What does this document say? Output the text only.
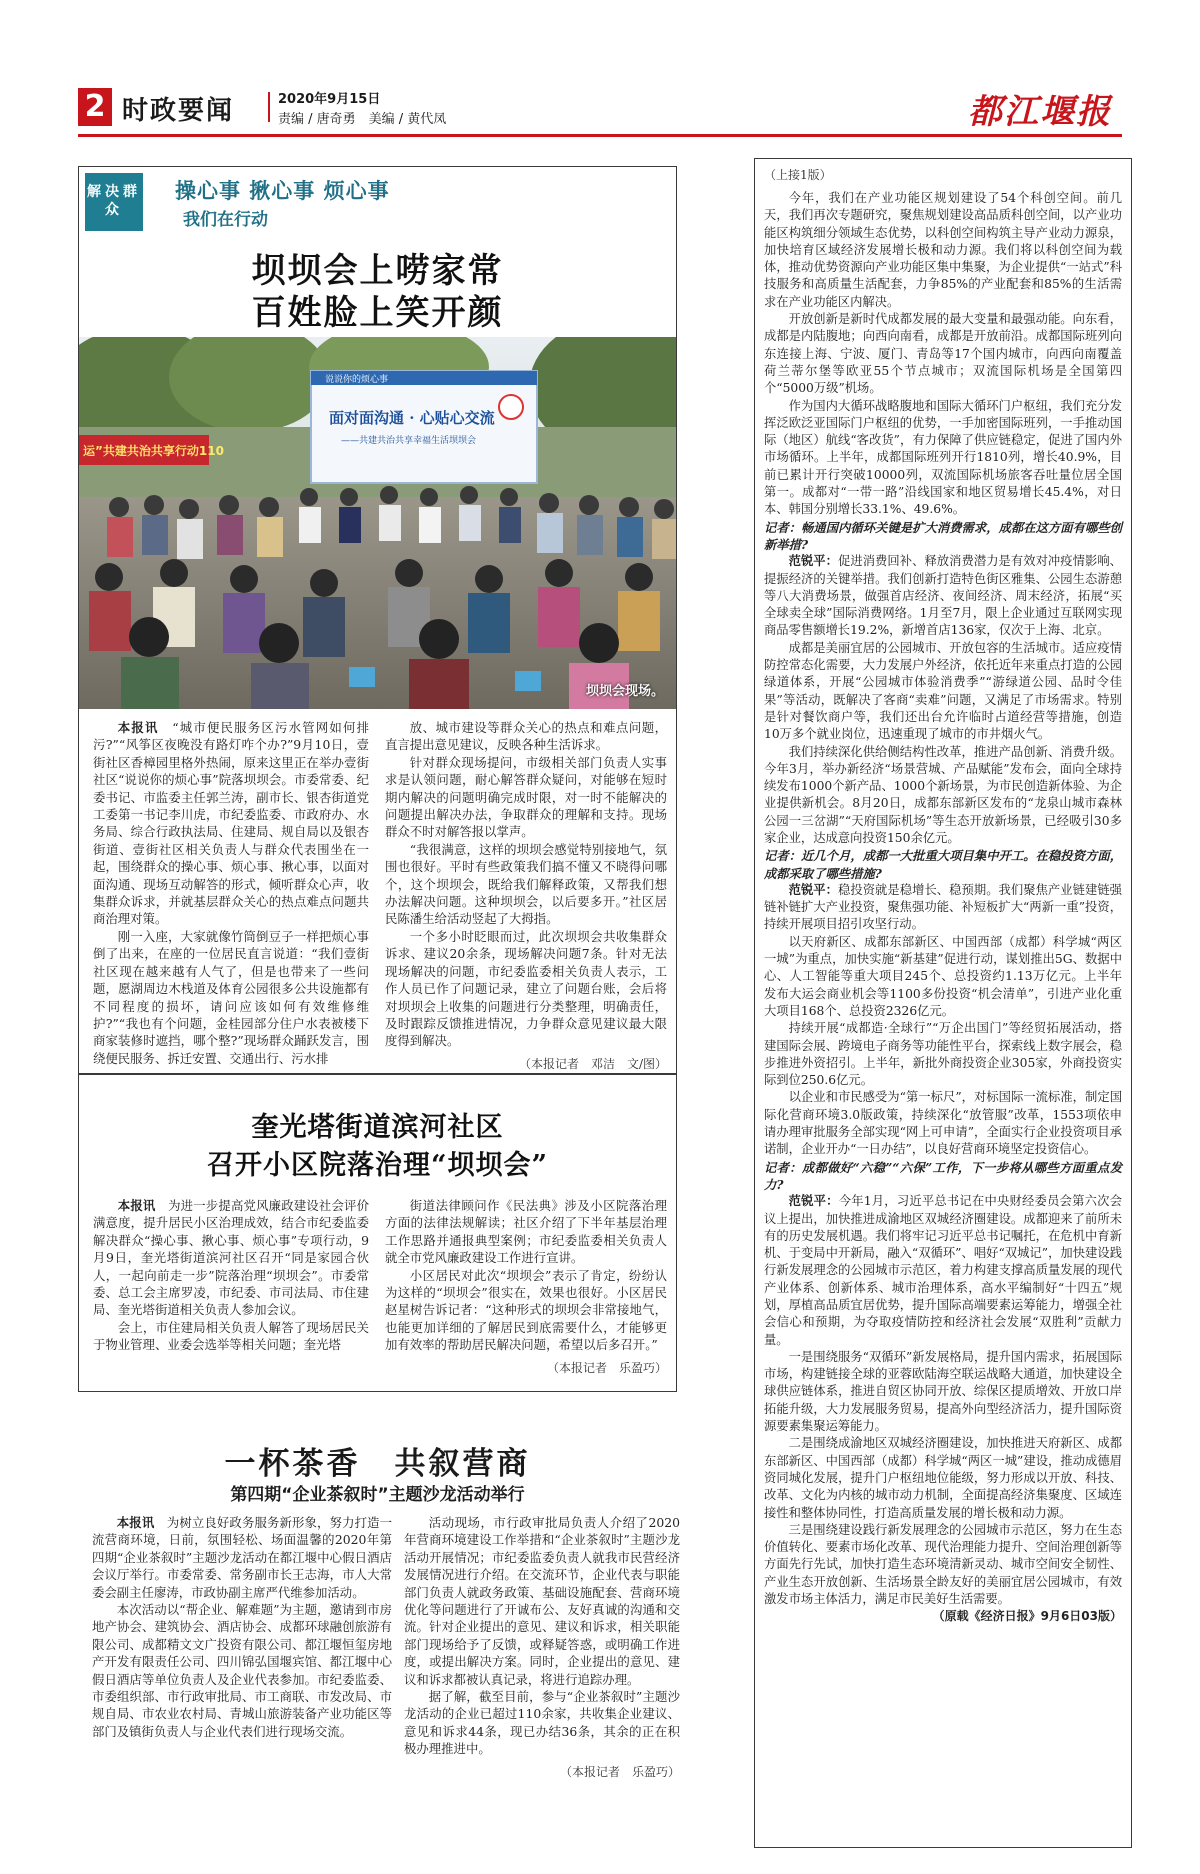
2 时政要闻	2020年9月15日
责编 / 唐奇勇　美编 / 黄代凤	都江堰报
解决群众
操心事 揪心事 烦心事
我们在行动
坝坝会上唠家常
百姓脸上笑开颜
运”共建共治共享行动110
说说你的烦心事
面对面沟通 · 心贴心交流
——共建共治共享幸福生活坝坝会
坝坝会现场。

本报讯　 “城市便民服务区污水管网如何排污?”“风筝区夜晚没有路灯咋个办?”9月10日，壹街社区香樟园里格外热闹，原来这里正在举办壹街社区“说说你的烦心事”院落坝坝会。市委常委、纪委书记、市监委主任郭兰涛，副市长、银杏街道党工委第一书记李川虎，市纪委监委、市政府办、水务局、综合行政执法局、住建局、规自局以及银杏街道、壹街社区相关负责人与群众代表围坐在一起，围绕群众的操心事、烦心事、揪心事，以面对面沟通、现场互动解答的形式，倾听群众心声，收集群众诉求，并就基层群众关心的热点难点问题共商治理对策。

刚一入座，大家就像竹筒倒豆子一样把烦心事倒了出来，在座的一位居民直言说道：“我们壹街社区现在越来越有人气了，但是也带来了一些问题，愿湖周边木栈道及体育公园很多公共设施都有不同程度的损坏，请问应该如何有效维修维护?”“我也有个问题，金桂园部分住户水表被楼下商家装修时遮挡，哪个整?”现场群众踊跃发言，围绕便民服务、拆迁安置、交通出行、污水排

放、城市建设等群众关心的热点和难点问题，直言提出意见建议，反映各种生活诉求。

针对群众现场提问，市级相关部门负责人实事求是认领问题，耐心解答群众疑问，对能够在短时期内解决的问题明确完成时限，对一时不能解决的问题提出解决办法，争取群众的理解和支持。现场群众不时对解答报以掌声。

“我很满意，这样的坝坝会感觉特别接地气，氛围也很好。平时有些政策我们搞不懂又不晓得问哪个，这个坝坝会，既给我们解释政策，又帮我们想办法解决问题。这种坝坝会，以后要多开。”社区居民陈潘生给活动竖起了大拇指。

一个多小时眨眼而过，此次坝坝会共收集群众诉求、建议20余条，现场解决问题7条。针对无法现场解决的问题，市纪委监委相关负责人表示，工作人员已作了问题记录，建立了问题台账，会后将对坝坝会上收集的问题进行分类整理，明确责任，及时跟踪反馈推进情况，力争群众意见建议最大限度得到解决。

（本报记者　邓洁　文/图）

奎光塔街道滨河社区
召开小区院落治理“坝坝会”

本报讯　 为进一步提高党风廉政建设社会评价满意度，提升居民小区治理成效，结合市纪委监委解决群众“操心事、揪心事、烦心事”专项行动，9月9日，奎光塔街道滨河社区召开“同是家园合伙人，一起向前走一步”院落治理“坝坝会”。市委常委、总工会主席罗凌，市纪委、市司法局、市住建局、奎光塔街道相关负责人参加会议。

会上，市住建局相关负责人解答了现场居民关于物业管理、业委会选举等相关问题；奎光塔

街道法律顾问作《民法典》涉及小区院落治理方面的法律法规解读；社区介绍了下半年基层治理工作思路并通报典型案例；市纪委监委相关负责人就全市党风廉政建设工作进行宣讲。

小区居民对此次“坝坝会”表示了肯定，纷纷认为这样的“坝坝会”很实在，效果也很好。小区居民赵星树告诉记者：“这种形式的坝坝会非常接地气，也能更加详细的了解居民到底需要什么，才能够更加有效率的帮助居民解决问题，希望以后多召开。”

（本报记者　乐盈巧）

一杯茶香　共叙营商
第四期“企业茶叙时”主题沙龙活动举行

本报讯　 为树立良好政务服务新形象，努力打造一流营商环境，日前，氛围轻松、场面温馨的2020年第四期“企业茶叙时”主题沙龙活动在都江堰中心假日酒店会议厅举行。市委常委、常务副市长王志海，市人大常委会副主任廖涛，市政协副主席严代维参加活动。

本次活动以“帮企业、解难题”为主题，邀请到市房地产协会、建筑协会、酒店协会、成都环球融创旅游有限公司、成都精文文广投资有限公司、都江堰恒玺房地产开发有限责任公司、四川锦弘国堰宾馆、都江堰中心假日酒店等单位负责人及企业代表参加。市纪委监委、市委组织部、市行政审批局、市工商联、市发改局、市规自局、市农业农村局、青城山旅游装备产业功能区等部门及镇街负责人与企业代表们进行现场交流。

活动现场，市行政审批局负责人介绍了2020年营商环境建设工作举措和“企业茶叙时”主题沙龙活动开展情况；市纪委监委负责人就我市民营经济发展情况进行介绍。在交流环节，企业代表与职能部门负责人就政务政策、基础设施配套、营商环境优化等问题进行了开诚布公、友好真诚的沟通和交流。针对企业提出的意见、建议和诉求，相关职能部门现场给予了反馈，或释疑答惑，或明确工作进度，或提出解决方案。同时，企业提出的意见、建议和诉求都被认真记录，将进行追踪办理。

据了解，截至目前，参与“企业茶叙时”主题沙龙活动的企业已超过110余家，共收集企业建议、意见和诉求44条，现已办结36条，其余的正在积极办理推进中。

（本报记者　乐盈巧）

（上接1版）

今年，我们在产业功能区规划建设了54个科创空间。前几天，我们再次专题研究，聚焦规划建设高品质科创空间，以产业功能区构筑细分领域生态优势，以科创空间构筑主导产业动力源泉，加快培育区域经济发展增长极和动力源。我们将以科创空间为载体，推动优势资源向产业功能区集中集聚，为企业提供“一站式”科技服务和高质量生活配套，力争85%的产业配套和85%的生活需求在产业功能区内解决。

开放创新是新时代成都发展的最大变量和最强动能。向东看，成都是内陆腹地；向西向南看，成都是开放前沿。成都国际班列向东连接上海、宁波、厦门、青岛等17个国内城市，向西向南覆盖荷兰蒂尔堡等欧亚55个节点城市；双流国际机场是全国第四个“5000万级”机场。

作为国内大循环战略腹地和国际大循环门户枢纽，我们充分发挥泛欧泛亚国际门户枢纽的优势，一手加密国际班列，一手推动国际（地区）航线“客改货”，有力保障了供应链稳定，促进了国内外市场循环。上半年，成都国际班列开行1810列，增长40.9%，目前已累计开行突破10000列，双流国际机场旅客吞吐量位居全国第一。成都对“一带一路”沿线国家和地区贸易增长45.4%，对日本、韩国分别增长33.1%、49.6%。

记者：畅通国内循环关键是扩大消费需求，成都在这方面有哪些创新举措?

范锐平：促进消费回补、释放消费潜力是有效对冲疫情影响、提振经济的关键举措。我们创新打造特色街区雅集、公园生态游憩等八大消费场景，做强首店经济、夜间经济、周末经济，拓展“买全球卖全球”国际消费网络。1月至7月，限上企业通过互联网实现商品零售额增长19.2%，新增首店136家，仅次于上海、北京。

成都是美丽宜居的公园城市、开放包容的生活城市。适应疫情防控常态化需要，大力发展户外经济，依托近年来重点打造的公园绿道体系，开展“公园城市体验消费季”“游绿道公园、品时令佳果”等活动，既解决了客商“卖难”问题，又满足了市场需求。特别是针对餐饮商户等，我们还出台允许临时占道经营等措施，创造10万多个就业岗位，迅速重现了城市的市井烟火气。

我们持续深化供给侧结构性改革，推进产品创新、消费升级。今年3月，举办新经济“场景营城、产品赋能”发布会，面向全球持续发布1000个新产品、1000个新场景，为市民创造新体验、为企业提供新机会。8月20日，成都东部新区发布的“龙泉山城市森林公园一三岔湖”“天府国际机场”等生态开放新场景，已经吸引30多家企业，达成意向投资150余亿元。

记者：近几个月，成都一大批重大项目集中开工。在稳投资方面，成都采取了哪些措施?

范锐平：稳投资就是稳增长、稳预期。我们聚焦产业链建链强链补链扩大产业投资，聚焦强功能、补短板扩大“两新一重”投资，持续开展项目招引攻坚行动。

以天府新区、成都东部新区、中国西部（成都）科学城“两区一城”为重点，加快实施“新基建”促进行动，谋划推出5G、数据中心、人工智能等重大项目245个、总投资约1.13万亿元。上半年发布大运会商业机会等1100多份投资“机会清单”，引进产业化重大项目168个、总投资2326亿元。

持续开展“成都造·全球行”“万企出国门”等经贸拓展活动，搭建国际会展、跨境电子商务等功能性平台，探索线上数字展会，稳步推进外资招引。上半年，新批外商投资企业305家，外商投资实际到位250.6亿元。

以企业和市民感受为“第一标尺”，对标国际一流标准，制定国际化营商环境3.0版政策，持续深化“放管服”改革，1553项依申请办理审批服务全部实现“网上可申请”，全面实行企业投资项目承诺制，企业开办“一日办结”，以良好营商环境坚定投资信心。

记者：成都做好“六稳”“六保”工作，下一步将从哪些方面重点发力?

范锐平：今年1月，习近平总书记在中央财经委员会第六次会议上提出，加快推进成渝地区双城经济圈建设。成都迎来了前所未有的历史发展机遇。我们将牢记习近平总书记嘱托，在危机中育新机、于变局中开新局，融入“双循环”、唱好“双城记”，加快建设践行新发展理念的公园城市示范区，着力构建支撑高质量发展的现代产业体系、创新体系、城市治理体系，高水平编制好“十四五”规划，厚植高品质宜居优势，提升国际高端要素运筹能力，增强全社会信心和预期，为夺取疫情防控和经济社会发展“双胜利”贡献力量。

一是围绕服务“双循环”新发展格局，提升国内需求，拓展国际市场，构建链接全球的亚蓉欧陆海空联运战略大通道，加快建设全球供应链体系，推进自贸区协同开放、综保区提质增效、开放口岸拓能升级，大力发展服务贸易，提高外向型经济活力，提升国际资源要素集聚运筹能力。

二是围绕成渝地区双城经济圈建设，加快推进天府新区、成都东部新区、中国西部（成都）科学城“两区一城”建设，推动成德眉资同城化发展，提升门户枢纽地位能级，努力形成以开放、科技、改革、文化为内核的城市动力机制，全面提高经济集聚度、区域连接性和整体协同性，打造高质量发展的增长极和动力源。

三是围绕建设践行新发展理念的公园城市示范区，努力在生态价值转化、要素市场化改革、现代治理能力提升、空间治理创新等方面先行先试，加快打造生态环境清新灵动、城市空间安全韧性、产业生态开放创新、生活场景全龄友好的美丽宜居公园城市，有效激发市场主体活力，满足市民美好生活需要。

（原载《经济日报》9月6日03版）
